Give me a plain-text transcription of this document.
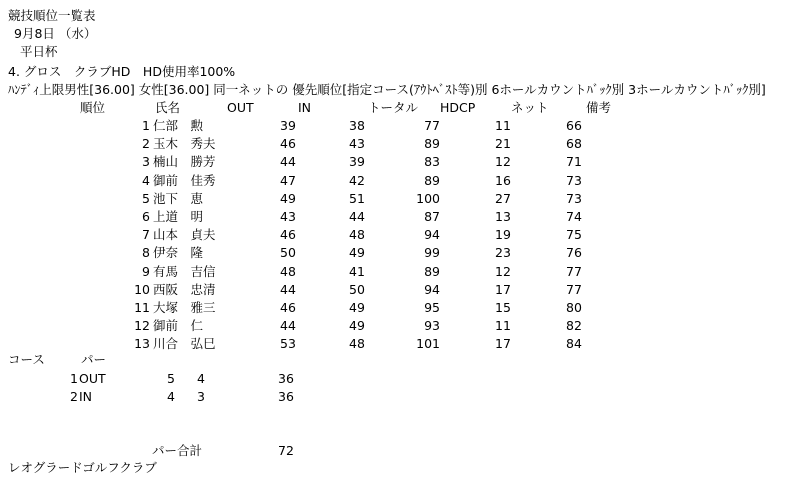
競技順位一覧表
9月8日 （水）
平日杯
4. グロス　クラブHD　HD使用率100%
ﾊﾝﾃﾞｨ上限男性[36.00] 女性[36.00] 同一ネットの 優先順位[指定コース(ｱｳﾄﾍﾞｽﾄ等)別 6ホールカウントﾊﾞｯｸ別 3ホールカウントﾊﾞｯｸ別]
順位	氏名	OUT	IN	トータル HDCP	ネット	備考
1 仁部　勲	39	38	77	11	66
2 玉木　秀夫	46	43	89	21	68
3 楠山　勝芳	44	39	83	12	71
4 御前　佳秀	47	42	89	16	73
5 池下　恵	49	51	100	27	73
6 上道　明	43	44	87	13	74
7 山本　貞夫	46	48	94	19	75
8 伊奈　隆	50	49	99	23	76
9 有馬　吉信	48	41	89	12	77
10 西阪　忠清	44	50	94	17	77
11 大塚　雅三	46	49	95	15	80
12 御前　仁	44	49	93	11	82
13 川合　弘巳	53	48	101	17	84
コース	パー
1 OUT	5	4	36
2 IN	4	3	36
パー合計	72
レオグラードゴルフクラブ
